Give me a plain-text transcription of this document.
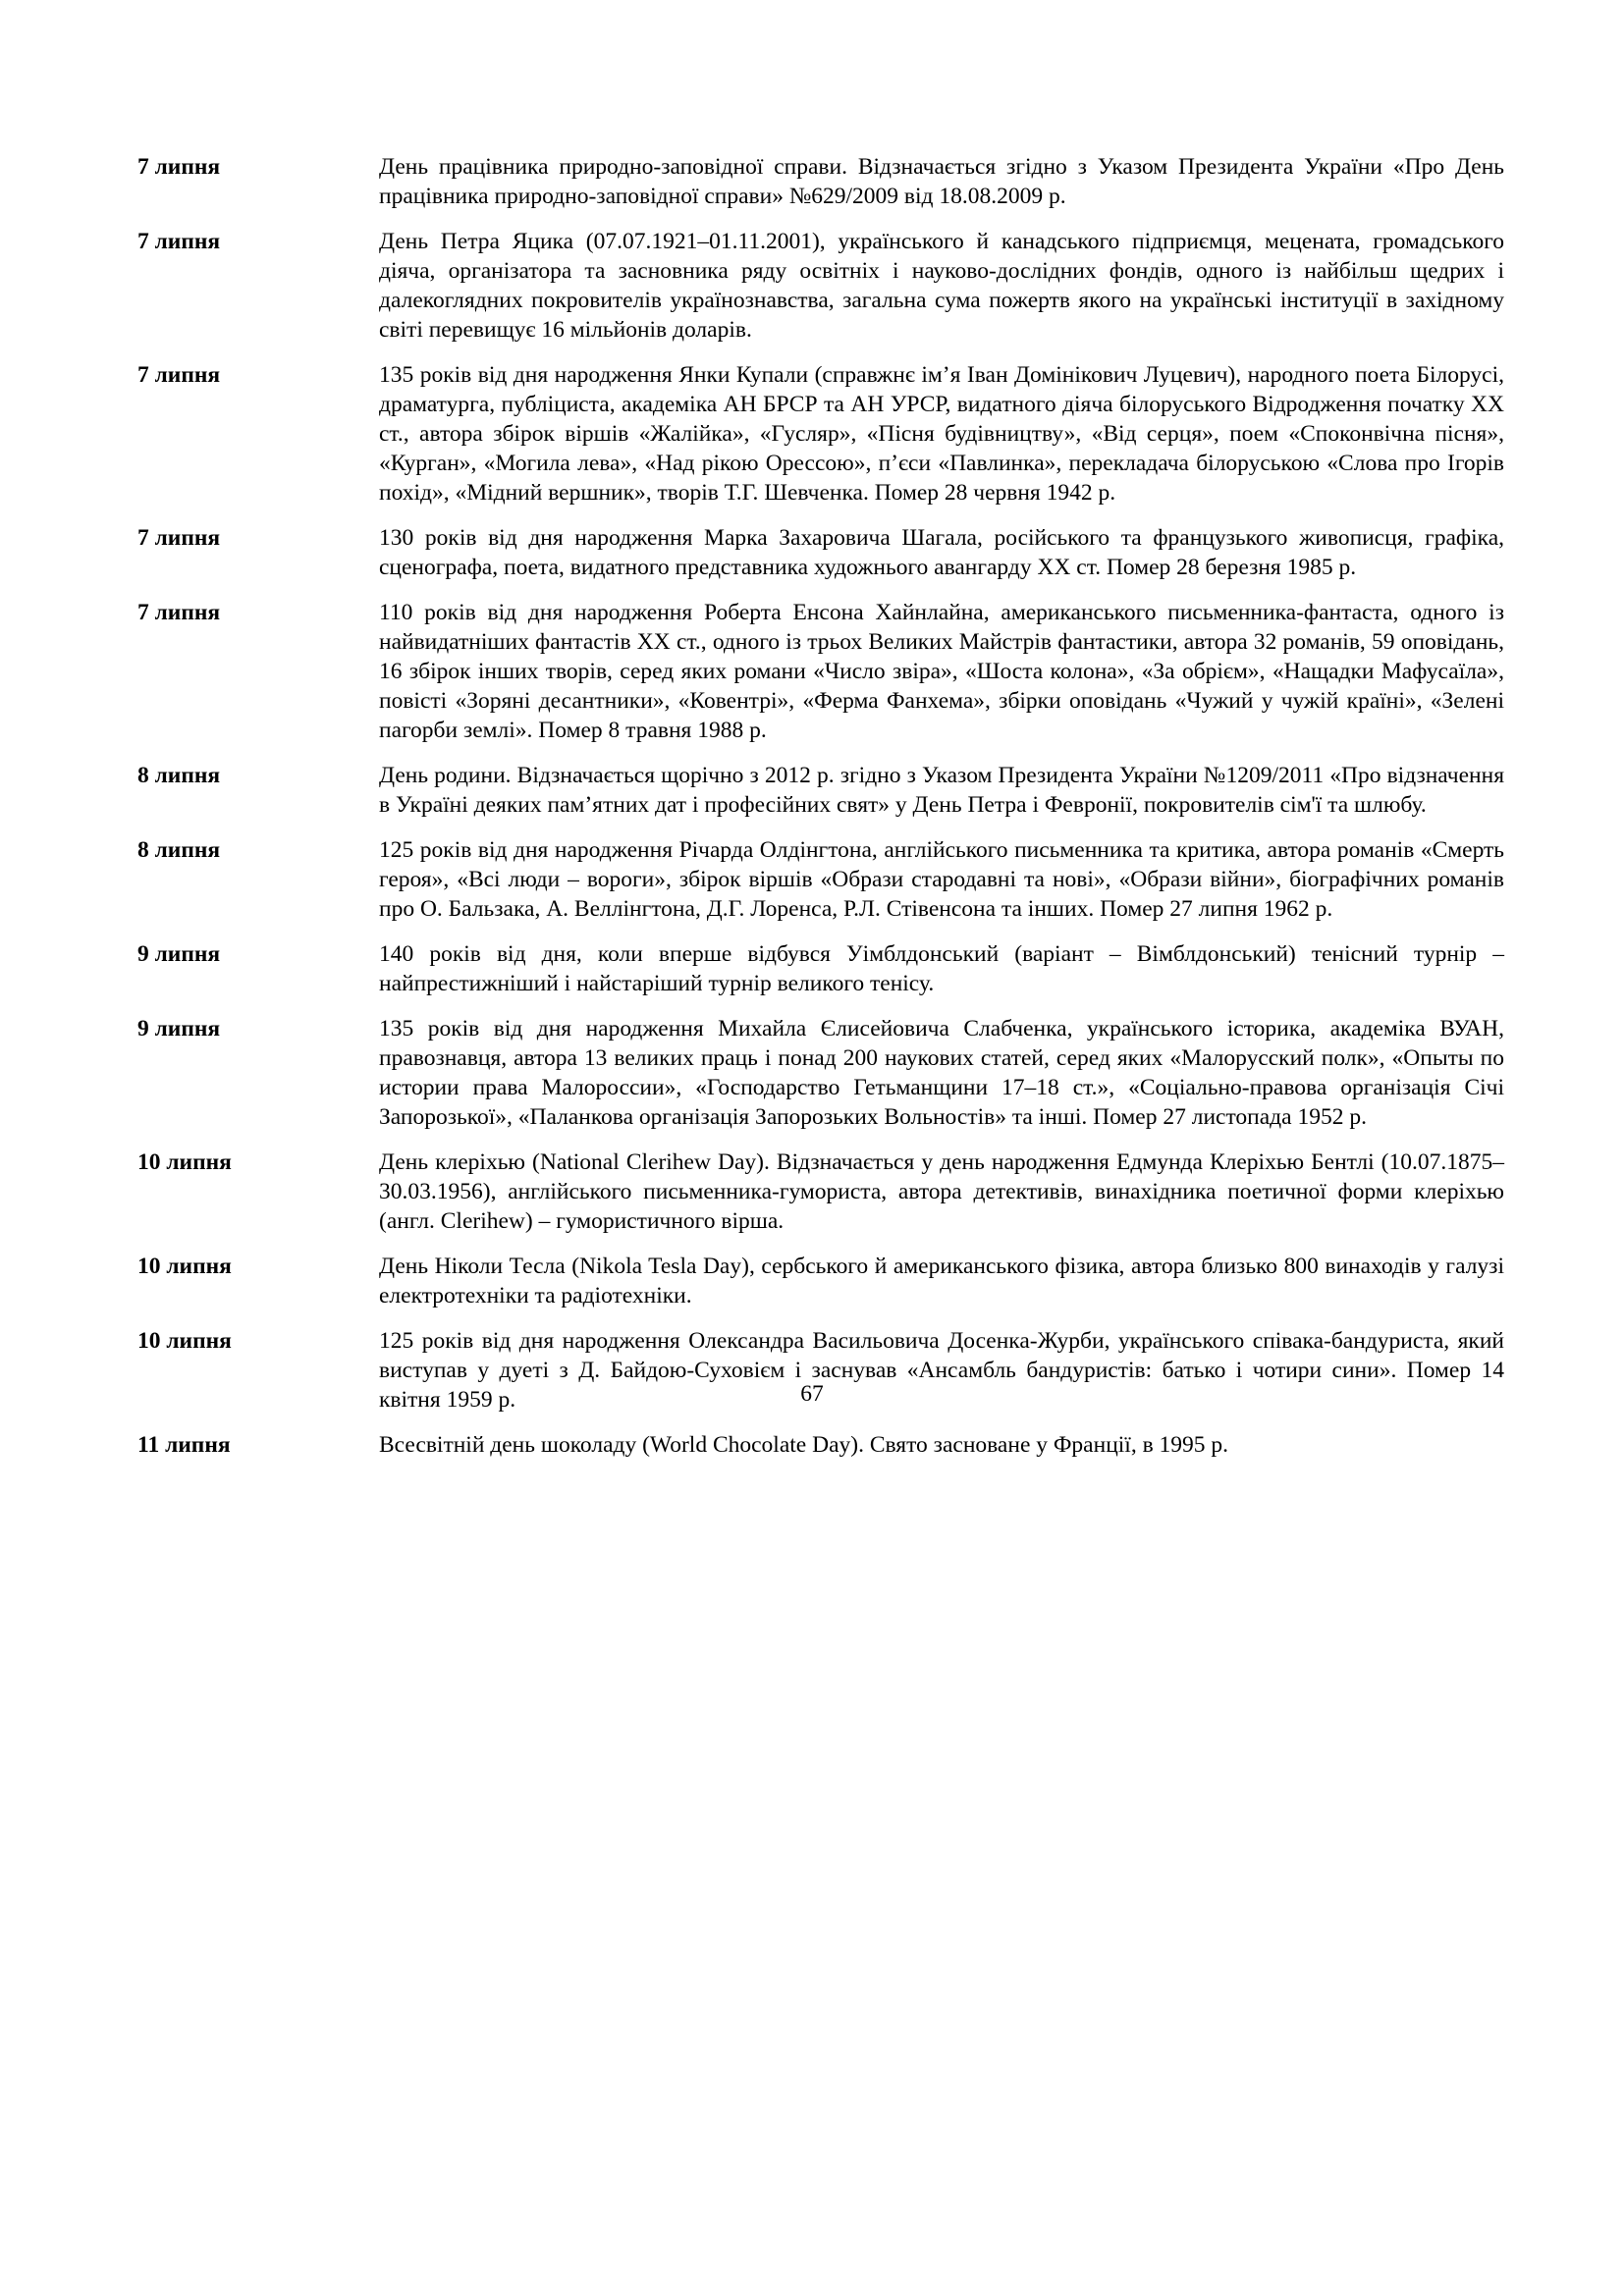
7 липня	День працівника природно-заповідної справи. Відзначається згідно з Указом Президента України «Про День працівника природно-заповідної справи» №629/2009 від 18.08.2009 р.
7 липня	День Петра Яцика (07.07.1921–01.11.2001), українського й канадського підприємця, мецената, громадського діяча, організатора та засновника ряду освітніх і науково-дослідних фондів, одного із найбільш щедрих і далекоглядних покровителів українознавства, загальна сума пожертв якого на українські інституції в західному світі перевищує 16 мільйонів доларів.
7 липня	135 років від дня народження Янки Купали (справжнє ім’я Іван Домінікович Луцевич), народного поета Білорусі, драматурга, публіциста, академіка АН БРСР та АН УРСР, видатного діяча білоруського Відродження початку XX ст., автора збірок віршів «Жалійка», «Гусляр», «Пісня будівництву», «Від серця», поем «Споконвічна пісня», «Курган», «Могила лева», «Над рікою Орессою», п’єси «Павлинка», перекладача білоруською «Слова про Ігорів похід», «Мідний вершник», творів Т.Г. Шевченка. Помер 28 червня 1942 р.
7 липня	130 років від дня народження Марка Захаровича Шагала, російського та французького живописця, графіка, сценографа, поета, видатного представника художнього авангарду XX ст. Помер 28 березня 1985 р.
7 липня	110 років від дня народження Роберта Енсона Хайнлайна, американського письменника-фантаста, одного із найвидатніших фантастів XX ст., одного із трьох Великих Майстрів фантастики, автора 32 романів, 59 оповідань, 16 збірок інших творів, серед яких романи «Число звіра», «Шоста колона», «За обрієм», «Нащадки Мафусаїла», повісті «Зоряні десантники», «Ковентрі», «Ферма Фанхема», збірки оповідань «Чужий у чужій країні», «Зелені пагорби землі». Помер 8 травня 1988 р.
8 липня	День родини. Відзначається щорічно з 2012 р. згідно з Указом Президента України №1209/2011 «Про відзначення в Україні деяких пам’ятних дат і професійних свят» у День Петра і Февронії, покровителів сім'ї та шлюбу.
8 липня	125 років від дня народження Річарда Олдінгтона, англійського письменника та критика, автора романів «Смерть героя», «Всі люди – вороги», збірок віршів «Образи стародавні та нові», «Образи війни», біографічних романів про О. Бальзака, А. Веллінгтона, Д.Г. Лоренса, Р.Л. Стівенсона та інших. Помер 27 липня 1962 р.
9 липня	140 років від дня, коли вперше відбувся Уімблдонський (варіант – Вімблдонський) тенісний турнір – найпрестижніший і найстаріший турнір великого тенісу.
9 липня	135 років від дня народження Михайла Єлисейовича Слабченка, українського історика, академіка ВУАН, правознавця, автора 13 великих праць і понад 200 наукових статей, серед яких «Малорусский полк», «Опыты по истории права Малороссии», «Господарство Гетьманщини 17–18 ст.», «Соціально-правова організація Січі Запорозької», «Паланкова організація Запорозьких Вольностів» та інші. Помер 27 листопада 1952 р.
10 липня	День клеріхью (National Clerihew Day). Відзначається у день народження Едмунда Клеріхью Бентлі (10.07.1875–30.03.1956), англійського письменника-гумориста, автора детективів, винахідника поетичної форми клеріхью (англ. Clerihew) – гумористичного вірша.
10 липня	День Ніколи Тесла (Nikola Tesla Day), сербського й американського фізика, автора близько 800 винаходів у галузі електротехніки та радіотехніки.
10 липня	125 років від дня народження Олександра Васильовича Досенка-Журби, українського співака-бандуриста, який виступав у дуеті з Д. Байдою-Суховієм і заснував «Ансамбль бандуристів: батько і чотири сини». Помер 14 квітня 1959 р.
11 липня	Всесвітній день шоколаду (World Chocolate Day). Свято засноване у Франції, в 1995 р.
67
